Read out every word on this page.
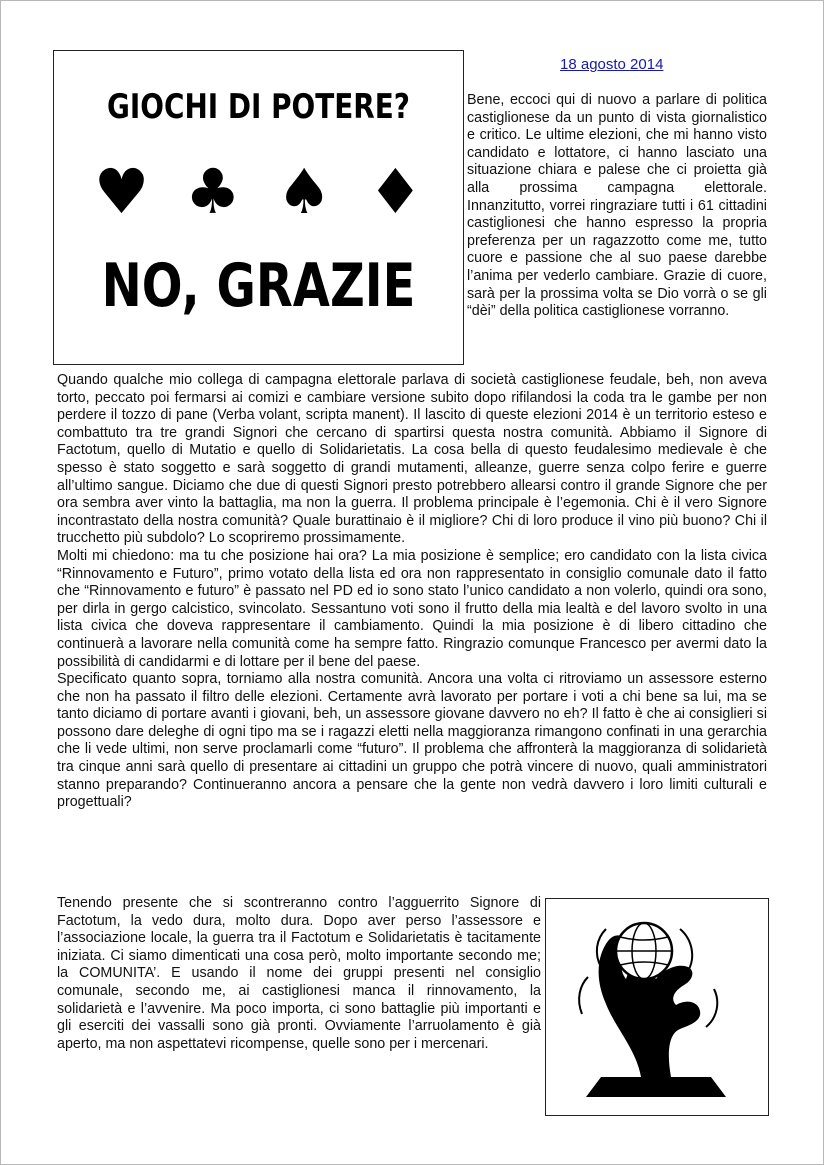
18 agosto 2014
GIOCHI DI POTERE?
♥ ♣ ♠ ♦
NO, GRAZIE

Bene, eccoci qui di nuovo a parlare di politica castiglionese da un punto di vista giornalistico e critico. Le ultime elezioni, che mi hanno visto candidato e lottatore, ci hanno lasciato una situazione chiara e palese che ci proietta già alla prossima campagna elettorale. Innanzitutto, vorrei ringraziare tutti i 61 cittadini castiglionesi che hanno espresso la propria preferenza per un ragazzotto come me, tutto cuore e passione che al suo paese darebbe l’anima per vederlo cambiare. Grazie di cuore, sarà per la prossima volta se Dio vorrà o se gli “dèi” della politica castiglionese vorranno.

Quando qualche mio collega di campagna elettorale parlava di società castiglionese feudale, beh, non aveva torto, peccato poi fermarsi ai comizi e cambiare versione subito dopo rifilandosi la coda tra le gambe per non perdere il tozzo di pane (Verba volant, scripta manent). Il lascito di queste elezioni 2014 è un territorio esteso e combattuto tra tre grandi Signori che cercano di spartirsi questa nostra comunità. Abbiamo il Signore di Factotum, quello di Mutatio e quello di Solidarietatis. La cosa bella di questo feudalesimo medievale è che spesso è stato soggetto e sarà soggetto di grandi mutamenti, alleanze, guerre senza colpo ferire e guerre all’ultimo sangue. Diciamo che due di questi Signori presto potrebbero allearsi contro il grande Signore che per ora sembra aver vinto la battaglia, ma non la guerra. Il problema principale è l’egemonia. Chi è il vero Signore incontrastato della nostra comunità? Quale burattinaio è il migliore? Chi di loro produce il vino più buono? Chi il trucchetto più subdolo? Lo scopriremo prossimamente.

Molti mi chiedono: ma tu che posizione hai ora? La mia posizione è semplice; ero candidato con la lista civica “Rinnovamento e Futuro”, primo votato della lista ed ora non rappresentato in consiglio comunale dato il fatto che “Rinnovamento e futuro” è passato nel PD ed io sono stato l’unico candidato a non volerlo, quindi ora sono, per dirla in gergo calcistico, svincolato. Sessantuno voti sono il frutto della mia lealtà e del lavoro svolto in una lista civica che doveva rappresentare il cambiamento. Quindi la mia posizione è di libero cittadino che continuerà a lavorare nella comunità come ha sempre fatto. Ringrazio comunque Francesco per avermi dato la possibilità di candidarmi e di lottare per il bene del paese.

Specificato quanto sopra, torniamo alla nostra comunità. Ancora una volta ci ritroviamo un assessore esterno che non ha passato il filtro delle elezioni. Certamente avrà lavorato per portare i voti a chi bene sa lui, ma se tanto diciamo di portare avanti i giovani, beh, un assessore giovane davvero no eh? Il fatto è che ai consiglieri si possono dare deleghe di ogni tipo ma se i ragazzi eletti nella maggioranza rimangono confinati in una gerarchia che li vede ultimi, non serve proclamarli come “futuro”. Il problema che affronterà la maggioranza di solidarietà tra cinque anni sarà quello di presentare ai cittadini un gruppo che potrà vincere di nuovo, quali amministratori stanno preparando? Continueranno ancora a pensare che la gente non vedrà davvero i loro limiti culturali e progettuali?

Tenendo presente che si scontreranno contro l’agguerrito Signore di Factotum, la vedo dura, molto dura. Dopo aver perso l’assessore e l’associazione locale, la guerra tra il Factotum e Solidarietatis è tacitamente iniziata. Ci siamo dimenticati una cosa però, molto importante secondo me; la COMUNITA’. E usando il nome dei gruppi presenti nel consiglio comunale, secondo me, ai castiglionesi manca il rinnovamento, la solidarietà e l’avvenire. Ma poco importa, ci sono battaglie più importanti e gli eserciti dei vassalli sono già pronti. Ovviamente l’arruolamento è già aperto, ma non aspettatevi ricompense, quelle sono per i mercenari.
